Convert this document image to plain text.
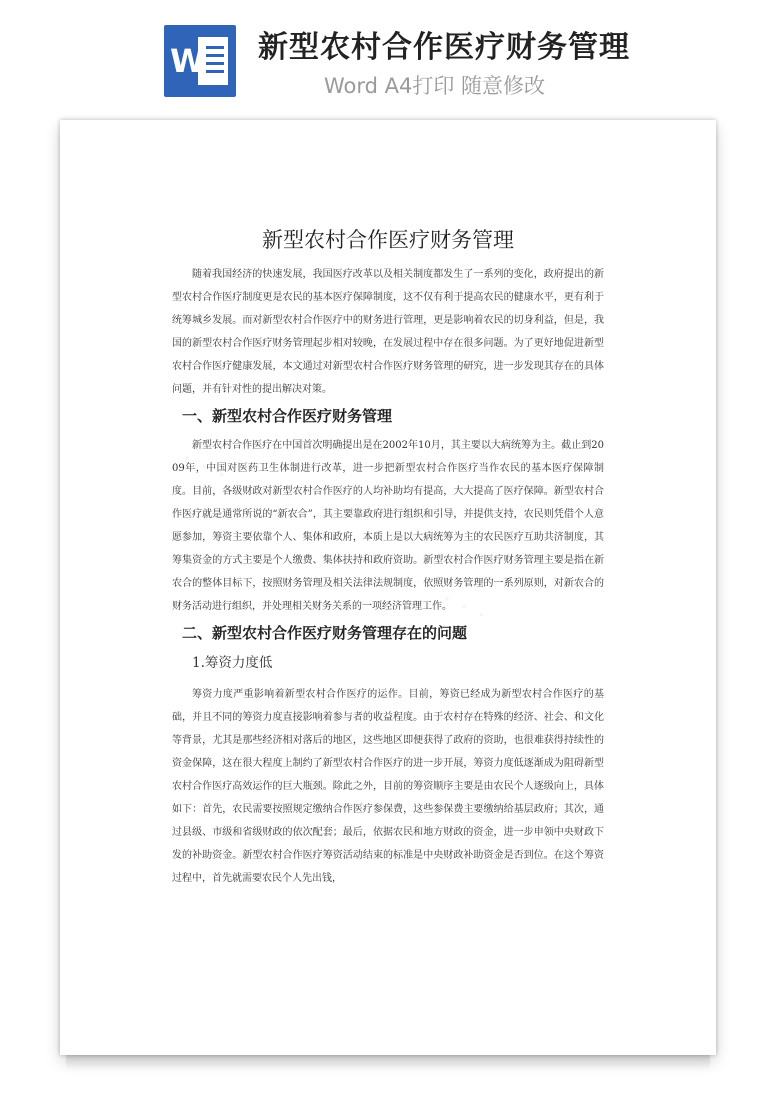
W 新型农村合作医疗财务管理
Word A4打印 随意修改
· · ·
· · ·
新型农村合作医疗财务管理

随着我国经济的快速发展，我国医疗改革以及相关制度都发生了一系列的变化，政府提出的新型农村合作医疗制度更是农民的基本医疗保障制度，这不仅有利于提高农民的健康水平，更有利于统筹城乡发展。而对新型农村合作医疗中的财务进行管理，更是影响着农民的切身利益，但是，我国的新型农村合作医疗财务管理起步相对较晚，在发展过程中存在很多问题。为了更好地促进新型农村合作医疗健康发展，本文通过对新型农村合作医疗财务管理的研究，进一步发现其存在的具体问题，并有针对性的提出解决对策。

一、新型农村合作医疗财务管理

新型农村合作医疗在中国首次明确提出是在2002年10月，其主要以大病统筹为主。截止到2009年，中国对医药卫生体制进行改革，进一步把新型农村合作医疗当作农民的基本医疗保障制度。目前，各级财政对新型农村合作医疗的人均补助均有提高，大大提高了医疗保障。新型农村合作医疗就是通常所说的“新农合”，其主要靠政府进行组织和引导，并提供支持，农民则凭借个人意愿参加，筹资主要依靠个人、集体和政府，本质上是以大病统筹为主的农民医疗互助共济制度，其筹集资金的方式主要是个人缴费、集体扶持和政府资助。新型农村合作医疗财务管理主要是指在新农合的整体目标下，按照财务管理及相关法律法规制度，依照财务管理的一系列原则，对新农合的财务活动进行组织，并处理相关财务关系的一项经济管理工作。

二、新型农村合作医疗财务管理存在的问题
1.筹资力度低

筹资力度严重影响着新型农村合作医疗的运作。目前，筹资已经成为新型农村合作医疗的基础，并且不同的筹资力度直接影响着参与者的收益程度。由于农村存在特殊的经济、社会、和文化等背景，尤其是那些经济相对落后的地区，这些地区即便获得了政府的资助，也很难获得持续性的资金保障，这在很大程度上制约了新型农村合作医疗的进一步开展，筹资力度低逐渐成为阻碍新型农村合作医疗高效运作的巨大瓶颈。除此之外，目前的筹资顺序主要是由农民个人逐级向上，具体如下：首先，农民需要按照规定缴纳合作医疗参保费，这些参保费主要缴纳给基层政府；其次，通过县级、市级和省级财政的依次配套；最后，依据农民和地方财政的资金，进一步申领中央财政下发的补助资金。新型农村合作医疗筹资活动结束的标准是中央财政补助资金是否到位。在这个筹资过程中，首先就需要农民个人先出钱，
